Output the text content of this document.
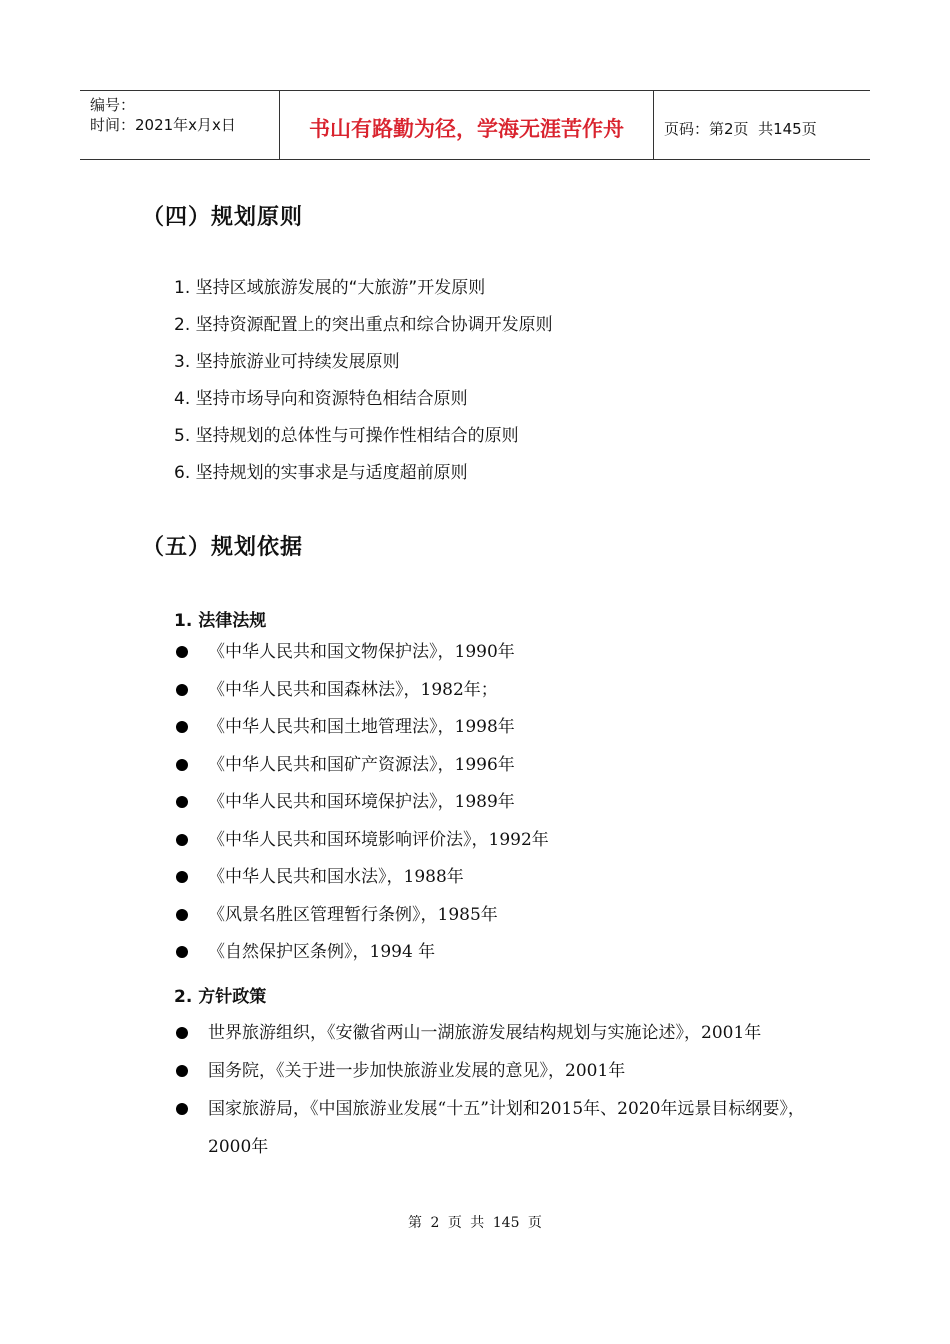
编号：
时间：2021年x月x日	书山有路勤为径，学海无涯苦作舟	页码：第2页  共145页
（四）规划原则
1. 坚持区域旅游发展的“大旅游”开发原则
2. 坚持资源配置上的突出重点和综合协调开发原则
3. 坚持旅游业可持续发展原则
4. 坚持市场导向和资源特色相结合原则
5. 坚持规划的总体性与可操作性相结合的原则
6. 坚持规划的实事求是与适度超前原则
（五）规划依据
1. 法律法规
《中华人民共和国文物保护法》，1990年
《中华人民共和国森林法》，1982年；
《中华人民共和国土地管理法》，1998年
《中华人民共和国矿产资源法》，1996年
《中华人民共和国环境保护法》，1989年
《中华人民共和国环境影响评价法》，1992年
《中华人民共和国水法》，1988年
《风景名胜区管理暂行条例》，1985年
《自然保护区条例》，1994 年
2. 方针政策
世界旅游组织，《安徽省两山一湖旅游发展结构规划与实施论述》，2001年
国务院，《关于进一步加快旅游业发展的意见》，2001年
国家旅游局，《中国旅游业发展“十五”计划和2015年、2020年远景目标纲要》，2000年
第 2 页 共 145 页
